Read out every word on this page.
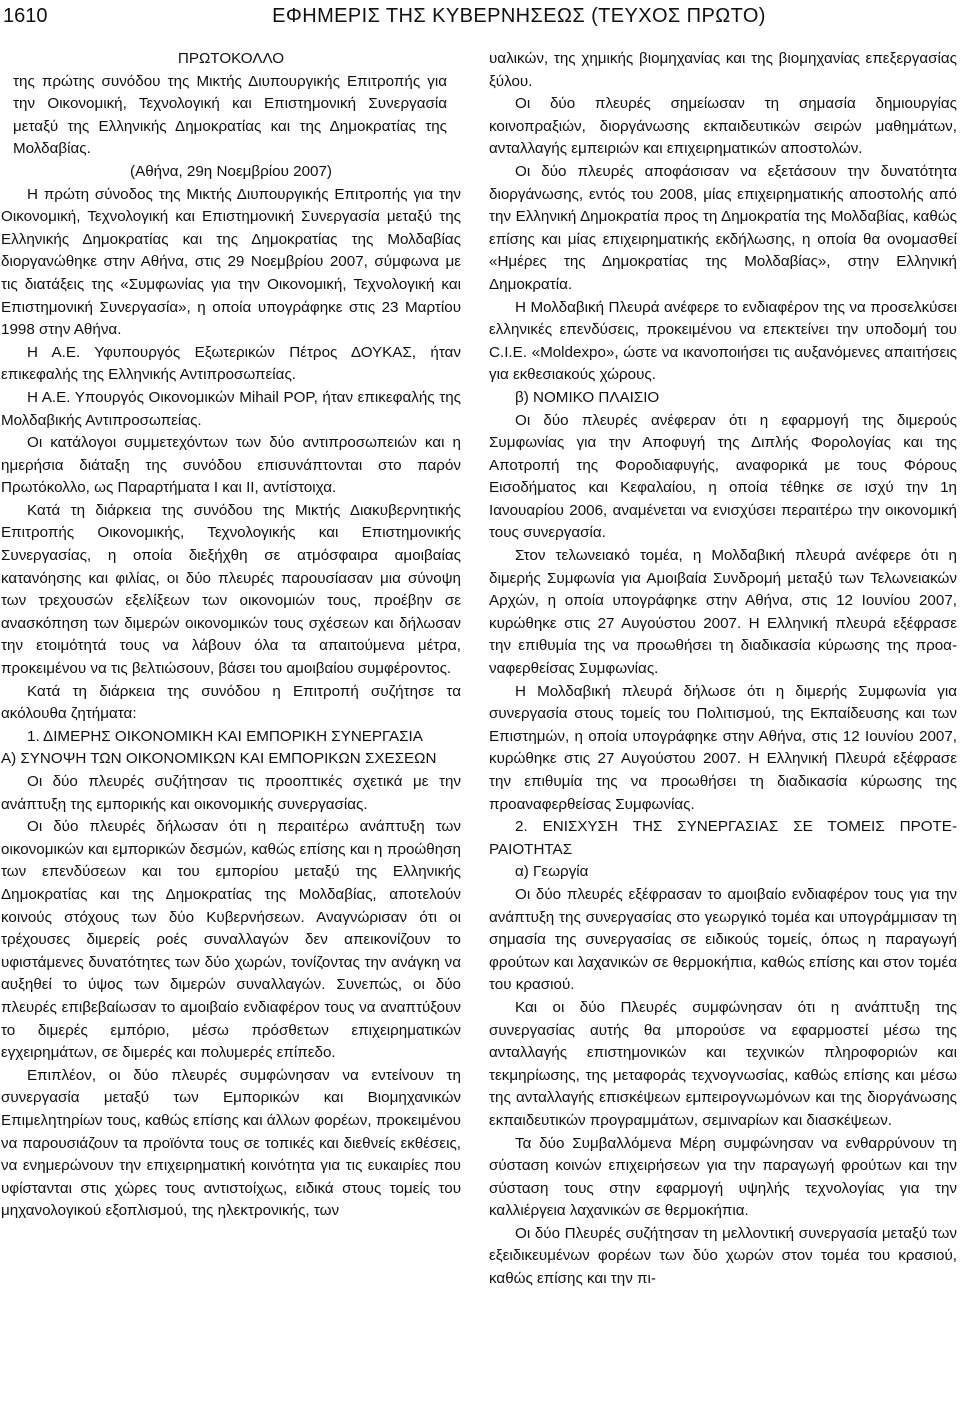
1610	ΕΦΗΜΕΡΙΣ ΤΗΣ ΚΥΒΕΡΝΗΣΕΩΣ (ΤΕΥΧΟΣ ΠΡΩΤΟ)

ΠΡΩΤΟΚΟΛΛΟ

της πρώτης συνόδου της Μικτής Διυπουργικής Επιτροπής για την Οικονομική, Τεχνολογική και Επιστημονική Συνεργασία μεταξύ της Ελληνικής Δημοκρατίας και της Δημοκρατίας της Μολδαβίας.

(Αθήνα, 29η Νοεμβρίου 2007)

Η πρώτη σύνοδος της Μικτής Διυπουργικής Επιτροπής για την Οικονομική, Τεχνολογική και Επιστημονική Συνεργασία μεταξύ της Ελληνικής Δημοκρατίας και της Δημοκρατίας της Μολδαβίας διοργανώθηκε στην Αθήνα, στις 29 Νοεμβρίου 2007, σύμφωνα με τις διατάξεις της «Συμφωνίας για την Οικονομική, Τεχνολογική και Επιστημονική Συνεργασία», η οποία υπογράφηκε στις 23 Μαρτίου 1998 στην Αθήνα.

Η Α.Ε. Υφυπουργός Εξωτερικών Πέτρος ΔΟΥΚΑΣ, ήταν επικεφαλής της Ελληνικής Αντιπροσωπείας.

Η Α.Ε. Υπουργός Οικονομικών Mihail POP, ήταν επικεφαλής της Μολδαβικής Αντιπροσωπείας.

Οι κατάλογοι συμμετεχόντων των δύο αντιπροσωπειών και η ημερήσια διάταξη της συνόδου επισυνάπτονται στο παρόν Πρωτόκολλο, ως Παραρτήματα Ι και ΙΙ, αντίστοιχα.

Κατά τη διάρκεια της συνόδου της Μικτής Διακυβερνητικής Επιτροπής Οικονομικής, Τεχνολογικής και Επιστημονικής Συνεργασίας, η οποία διεξήχθη σε ατμόσφαιρα αμοιβαίας κατανόησης και φιλίας, οι δύο πλευρές παρουσίασαν μια σύνοψη των τρεχουσών εξελίξεων των οικονομιών τους, προέβην σε ανασκόπηση των διμερών οικονομικών τους σχέσεων και δήλωσαν την ετοιμότητά τους να λάβουν όλα τα απαιτούμενα μέτρα, προκειμένου να τις βελτιώσουν, βάσει του αμοιβαίου συμφέροντος.

Κατά τη διάρκεια της συνόδου η Επιτροπή συζήτησε τα ακόλουθα ζητήματα:

1. ΔΙΜΕΡΗΣ ΟΙΚΟΝΟΜΙΚΗ ΚΑΙ ΕΜΠΟΡΙΚΗ ΣΥΝΕΡΓΑΣΙΑ

Α) ΣΥΝΟΨΗ ΤΩΝ ΟΙΚΟΝΟΜΙΚΩΝ ΚΑΙ ΕΜΠΟΡΙΚΩΝ ΣΧΕΣΕΩΝ

Οι δύο πλευρές συζήτησαν τις προοπτικές σχετικά με την ανάπτυξη της εμπορικής και οικονομικής συνεργασίας.

Οι δύο πλευρές δήλωσαν ότι η περαιτέρω ανάπτυξη των οικονομικών και εμπορικών δεσμών, καθώς επίσης και η προώθηση των επενδύσεων και του εμπορίου μεταξύ της Ελληνικής Δημοκρατίας και της Δημοκρατίας της Μολδαβίας, αποτελούν κοινούς στόχους των δύο Κυβερνήσεων. Αναγνώρισαν ότι οι τρέχουσες διμερείς ροές συναλλαγών δεν απεικονίζουν το υφιστάμενες δυνατότητες των δύο χωρών, τονίζοντας την ανάγκη να αυξηθεί το ύψος των διμερών συναλλαγών. Συνεπώς, οι δύο πλευρές επιβεβαίωσαν το αμοιβαίο ενδιαφέρον τους να αναπτύξουν το διμερές εμπόριο, μέσω πρόσθετων επιχειρηματικών εγχειρημάτων, σε διμερές και πολυμερές επίπεδο.

Επιπλέον, οι δύο πλευρές συμφώνησαν να εντείνουν τη συνεργασία μεταξύ των Εμπορικών και Βιομηχανικών Επιμελητηρίων τους, καθώς επίσης και άλλων φορέων, προκειμένου να παρουσιάζουν τα προϊόντα τους σε τοπικές και διεθνείς εκθέσεις, να ενημερώνουν την επιχειρηματική κοινότητα για τις ευκαιρίες που υφίστανται στις χώρες τους αντιστοίχως, ειδικά στους τομείς του μηχανολογικού εξοπλισμού, της ηλεκτρονικής, των

υαλικών, της χημικής βιομηχανίας και της βιομηχανίας επεξεργασίας ξύλου.

Οι δύο πλευρές σημείωσαν τη σημασία δημιουργίας κοινοπραξιών, διοργάνωσης εκπαιδευτικών σειρών μαθημάτων, ανταλλαγής εμπειριών και επιχειρηματικών αποστολών.

Οι δύο πλευρές αποφάσισαν να εξετάσουν την δυνατότητα διοργάνωσης, εντός του 2008, μίας επιχειρηματικής αποστολής από την Ελληνική Δημοκρατία προς τη Δημοκρατία της Μολδαβίας, καθώς επίσης και μίας επιχειρηματικής εκδήλωσης, η οποία θα ονομασθεί «Ημέρες της Δημοκρατίας της Μολδαβίας», στην Ελληνική Δημοκρατία.

Η Μολδαβική Πλευρά ανέφερε το ενδιαφέρον της να προσελκύσει ελληνικές επενδύσεις, προκειμένου να επεκτείνει την υποδομή του C.I.E. «Moldexpo», ώστε να ικανοποιήσει τις αυξανόμενες απαιτήσεις για εκθεσιακούς χώρους.

β) ΝΟΜΙΚΟ ΠΛΑΙΣΙΟ

Οι δύο πλευρές ανέφεραν ότι η εφαρμογή της διμερούς Συμφωνίας για την Αποφυγή της Διπλής Φορολογίας και της Αποτροπή της Φοροδιαφυγής, αναφορικά με τους Φόρους Εισοδήματος και Κεφαλαίου, η οποία τέθηκε σε ισχύ την 1η Ιανουαρίου 2006, αναμένεται να ενισχύσει περαιτέρω την οικονομική τους συνεργασία.

Στον τελωνειακό τομέα, η Μολδαβική πλευρά ανέφερε ότι η διμερής Συμφωνία για Αμοιβαία Συνδρομή μεταξύ των Τελωνειακών Αρχών, η οποία υπογράφηκε στην Αθήνα, στις 12 Ιουνίου 2007, κυρώθηκε στις 27 Αυγούστου 2007. Η Ελληνική πλευρά εξέφρασε την επιθυμία της να προωθήσει τη διαδικασία κύρωσης της προαναφερθείσας Συμφωνίας.

Η Μολδαβική πλευρά δήλωσε ότι η διμερής Συμφωνία για συνεργασία στους τομείς του Πολιτισμού, της Εκπαίδευσης και των Επιστημών, η οποία υπογράφηκε στην Αθήνα, στις 12 Ιουνίου 2007, κυρώθηκε στις 27 Αυγούστου 2007. Η Ελληνική Πλευρά εξέφρασε την επιθυμία της να προωθήσει τη διαδικασία κύρωσης της προαναφερθείσας Συμφωνίας.

2. ΕΝΙΣΧΥΣΗ ΤΗΣ ΣΥΝΕΡΓΑΣΙΑΣ ΣΕ ΤΟΜΕΙΣ ΠΡΟΤΕΡΑΙΟΤΗΤΑΣ

α) Γεωργία

Οι δύο πλευρές εξέφρασαν το αμοιβαίο ενδιαφέρον τους για την ανάπτυξη της συνεργασίας στο γεωργικό τομέα και υπογράμμισαν τη σημασία της συνεργασίας σε ειδικούς τομείς, όπως η παραγωγή φρούτων και λαχανικών σε θερμοκήπια, καθώς επίσης και στον τομέα του κρασιού.

Και οι δύο Πλευρές συμφώνησαν ότι η ανάπτυξη της συνεργασίας αυτής θα μπορούσε να εφαρμοστεί μέσω της ανταλλαγής επιστημονικών και τεχνικών πληροφοριών και τεκμηρίωσης, της μεταφοράς τεχνογνωσίας, καθώς επίσης και μέσω της ανταλλαγής επισκέψεων εμπειρογνωμόνων και της διοργάνωσης εκπαιδευτικών προγραμμάτων, σεμιναρίων και διασκέψεων.

Τα δύο Συμβαλλόμενα Μέρη συμφώνησαν να ενθαρρύνουν τη σύσταση κοινών επιχειρήσεων για την παραγωγή φρούτων και την σύσταση τους στην εφαρμογή υψηλής τεχνολογίας για την καλλιέργεια λαχανικών σε θερμοκήπια.

Οι δύο Πλευρές συζήτησαν τη μελλοντική συνεργασία μεταξύ των εξειδικευμένων φορέων των δύο χωρών στον τομέα του κρασιού, καθώς επίσης και την πι-
